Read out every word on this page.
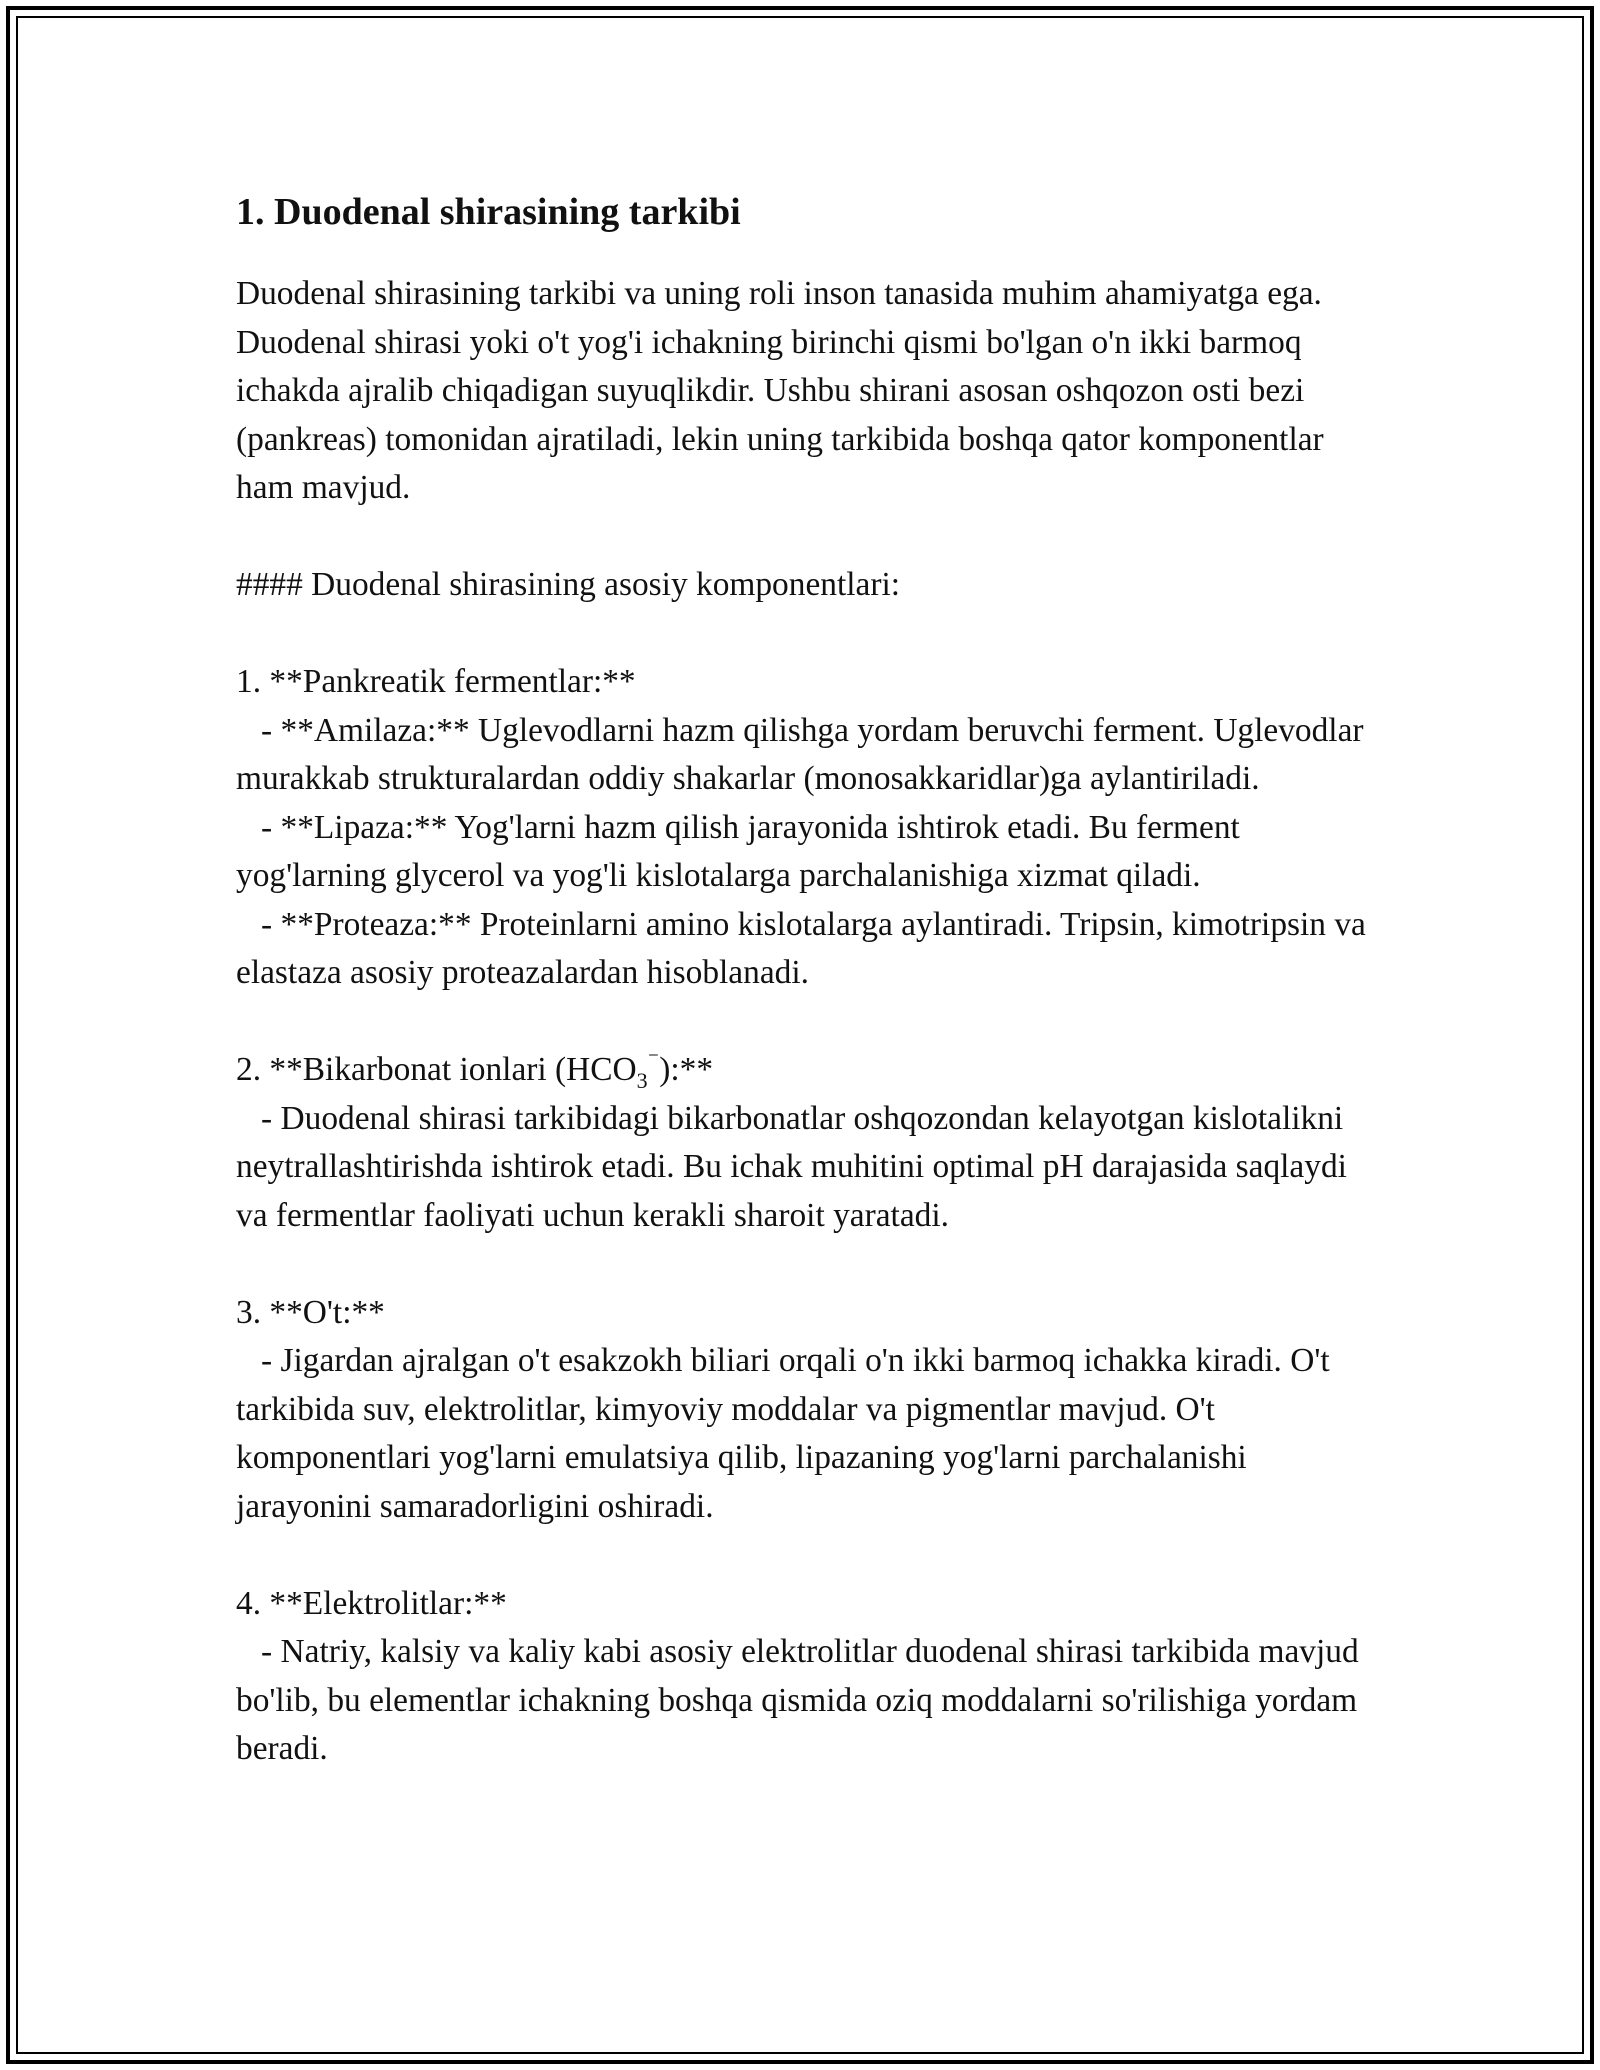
1. Duodenal shirasining tarkibi

Duodenal shirasining tarkibi va uning roli inson tanasida muhim ahamiyatga ega. Duodenal shirasi yoki o't yog'i ichakning birinchi qismi bo'lgan o'n ikki barmoq ichakda ajralib chiqadigan suyuqlikdir. Ushbu shirani asosan oshqozon osti bezi (pankreas) tomonidan ajratiladi, lekin uning tarkibida boshqa qator komponentlar ham mavjud.

#### Duodenal shirasining asosiy komponentlari:

1. **Pankreatik fermentlar:**

- **Amilaza:** Uglevodlarni hazm qilishga yordam beruvchi ferment. Uglevodlar murakkab strukturalardan oddiy shakarlar (monosakkaridlar)ga aylantiriladi.

- **Lipaza:** Yog'larni hazm qilish jarayonida ishtirok etadi. Bu ferment yog'larning glycerol va yog'li kislotalarga parchalanishiga xizmat qiladi.

- **Proteaza:** Proteinlarni amino kislotalarga aylantiradi. Tripsin, kimotripsin va elastaza asosiy proteazalardan hisoblanadi.

2. **Bikarbonat ionlari $(HCO_3^{^-}):**$

- Duodenal shirasi tarkibidagi bikarbonatlar oshqozondan kelayotgan kislotalikni neytrallashtirishda ishtirok etadi. Bu ichak muhitini optimal pH darajasida saqlaydi va fermentlar faoliyati uchun kerakli sharoit yaratadi.

3. **O't:**

- Jigardan ajralgan o't esakzokh biliari orqali o'n ikki barmoq ichakka kiradi. O't tarkibida suv, elektrolitlar, kimyoviy moddalar va pigmentlar mavjud. O't komponentlari yog'larni emulatsiya qilib, lipazaning yog'larni parchalanishi jarayonini samaradorligini oshiradi.

4. **Elektrolitlar:**

- Natriy, kalsiy va kaliy kabi asosiy elektrolitlar duodenal shirasi tarkibida mavjud bo'lib, bu elementlar ichakning boshqa qismida oziq moddalarni so'rilishiga yordam beradi.
